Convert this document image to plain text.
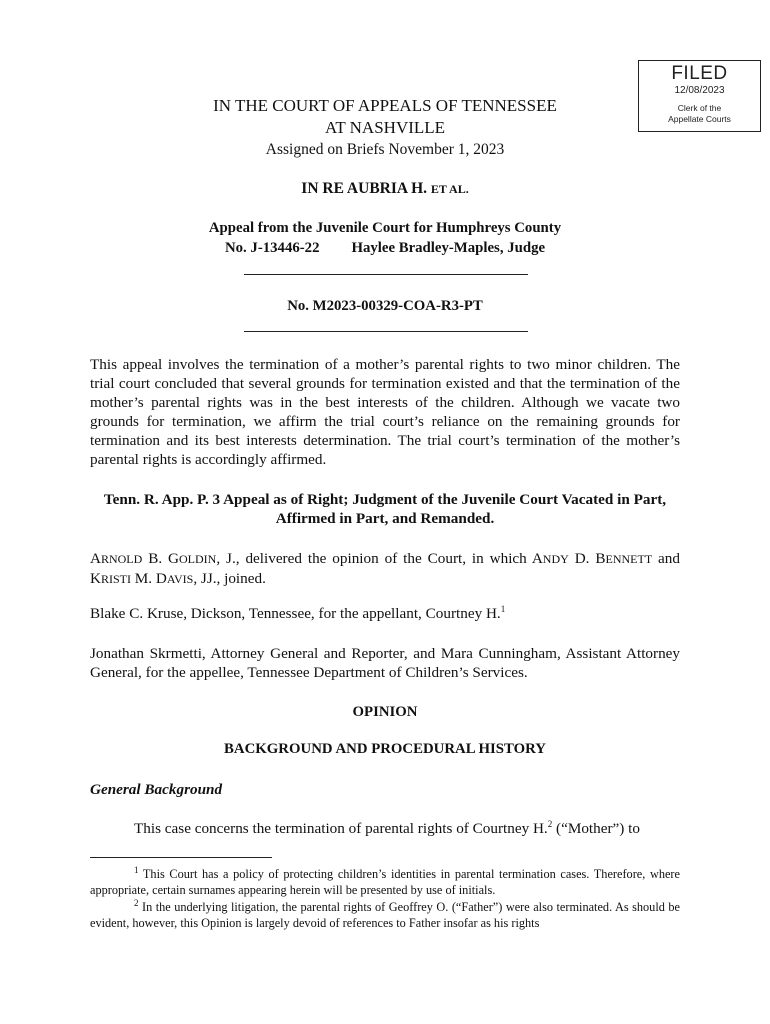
FILED
12/08/2023
Clerk of the
Appellate Courts
IN THE COURT OF APPEALS OF TENNESSEE
AT NASHVILLE
Assigned on Briefs November 1, 2023
IN RE AUBRIA H. ET AL.
Appeal from the Juvenile Court for Humphreys County
No. J-13446-22 Haylee Bradley-Maples, Judge
No. M2023-00329-COA-R3-PT
This appeal involves the termination of a mother’s parental rights to two minor children. The trial court concluded that several grounds for termination existed and that the termination of the mother’s parental rights was in the best interests of the children. Although we vacate two grounds for termination, we affirm the trial court’s reliance on the remaining grounds for termination and its best interests determination. The trial court’s termination of the mother’s parental rights is accordingly affirmed.
Tenn. R. App. P. 3 Appeal as of Right; Judgment of the Juvenile Court Vacated in Part, Affirmed in Part, and Remanded.
ARNOLD B. GOLDIN, J., delivered the opinion of the Court, in which ANDY D. BENNETT and KRISTI M. DAVIS, JJ., joined.
Blake C. Kruse, Dickson, Tennessee, for the appellant, Courtney H.$^1$
Jonathan Skrmetti, Attorney General and Reporter, and Mara Cunningham, Assistant Attorney General, for the appellee, Tennessee Department of Children’s Services.
OPINION
BACKGROUND AND PROCEDURAL HISTORY
General Background
This case concerns the termination of parental rights of Courtney H.$^2$ (“Mother”) to
$^1$ This Court has a policy of protecting children’s identities in parental termination cases. Therefore, where appropriate, certain surnames appearing herein will be presented by use of initials.
$^2$ In the underlying litigation, the parental rights of Geoffrey O. (“Father”) were also terminated. As should be evident, however, this Opinion is largely devoid of references to Father insofar as his rights
